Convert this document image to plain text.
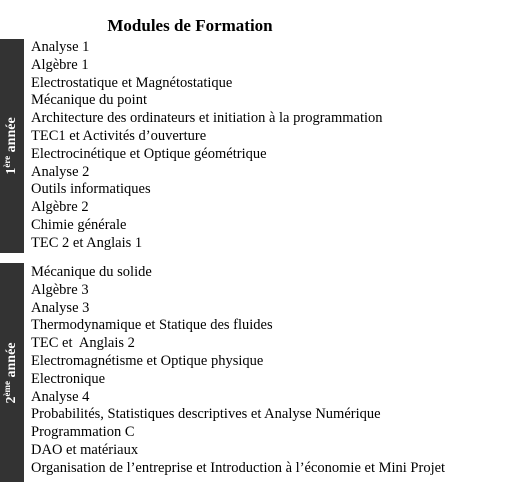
Modules de Formation
1ère année
Analyse 1
Algèbre 1
Electrostatique et Magnétostatique
Mécanique du point
Architecture des ordinateurs et initiation à la programmation
TEC1 et Activités d’ouverture
Electrocinétique et Optique géométrique
Analyse 2
Outils informatiques
Algèbre 2
Chimie générale
TEC 2 et Anglais 1
2ème année
Mécanique du solide
Algèbre 3
Analyse 3
Thermodynamique et Statique des fluides
TEC et  Anglais 2
Electromagnétisme et Optique physique
Electronique
Analyse 4
Probabilités, Statistiques descriptives et Analyse Numérique
Programmation C
DAO et matériaux
Organisation de l’entreprise et Introduction à l’économie et Mini Projet
